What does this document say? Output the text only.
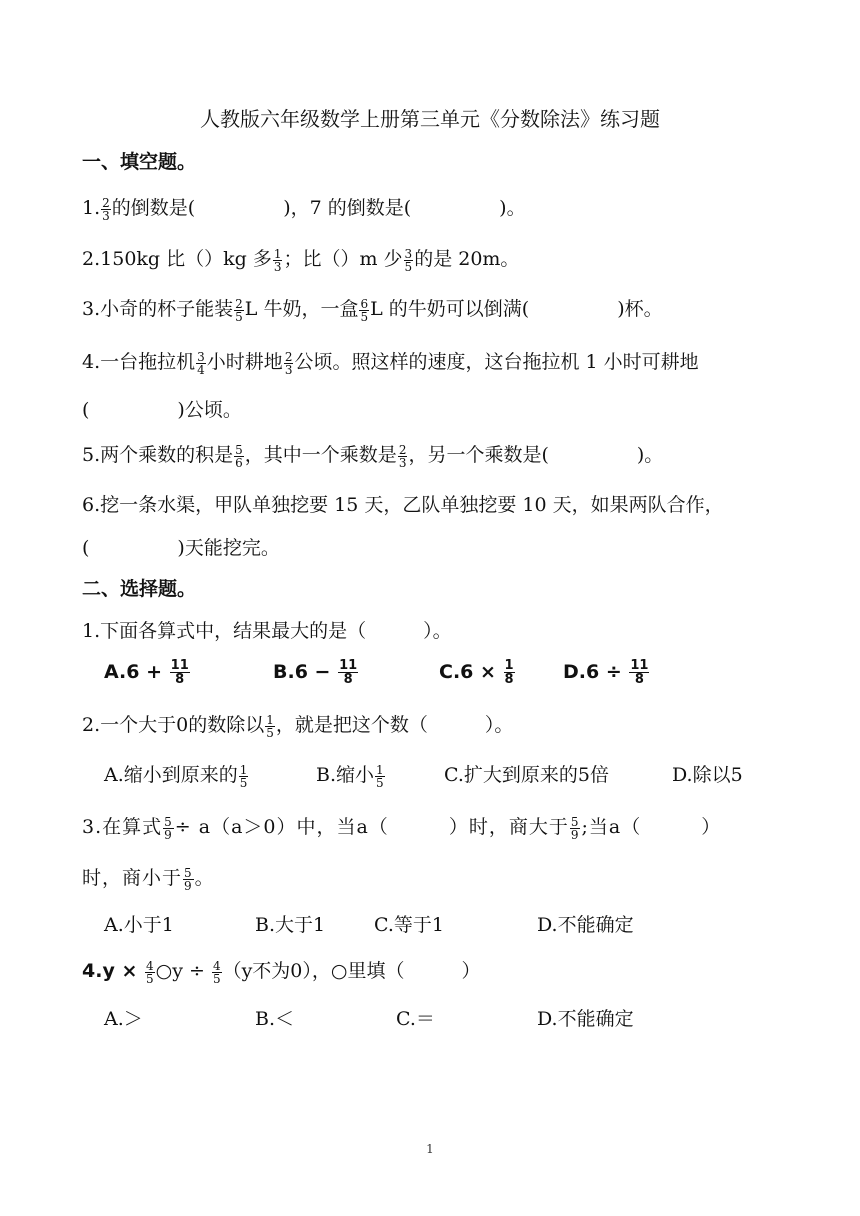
人教版六年级数学上册第三单元《分数除法》练习题
一、填空题。
1. $\frac{2}{3}$ 的倒数是(	)，7 的倒数是(	)。
2.150kg 比（）kg 多 $\frac{1}{3}$ ；比（）m 少 $\frac{3}{5}$ 的是 20m。
3.小奇的杯子能装 $\frac{2}{5}$ L 牛奶，一盒 $\frac{6}{5}$ L 的牛奶可以倒满(	)杯。
4.一台拖拉机 $\frac{3}{4}$ 小时耕地 $\frac{2}{3}$ 公顷。照这样的速度，这台拖拉机 1 小时可耕地
(	)公顷。
5.两个乘数的积是 $\frac{5}{6}$ ，其中一个乘数是 $\frac{2}{3}$ ，另一个乘数是(	)。
6.挖一条水渠，甲队单独挖要 15 天，乙队单独挖要 10 天，如果两队合作，
(	)天能挖完。
二、选择题。
1.下面各算式中，结果最大的是（　　　）。
$A.6 + \frac{11}{8}$	$B.6 - \frac{11}{8}$	$C.6 \times \frac{1}{8}$	$D.6 \div \frac{11}{8}$
2.一个大于0的数除以 $\frac{1}{5}$ ，就是把这个数（　　　）。
A.缩小到原来的 $\frac{1}{5}$	B.缩小 $\frac{1}{5}$	C.扩大到原来的5倍	D.除以5
3.在算式 $\frac{5}{9} \div a(a>0)$中，当a（　　　）时，商大于 $\frac{5}{9}$ ;当a（　　　）
时，商小于 $\frac{5}{9}$ 。
A.小于1	B.大于1	C.等于1	D.不能确定
$4.y \times \frac{4}{5}$ ○y ÷ $\frac{4}{5} (y$不为0），○里填（　　　）
A.＞	B.＜	C.＝	D.不能确定
1
